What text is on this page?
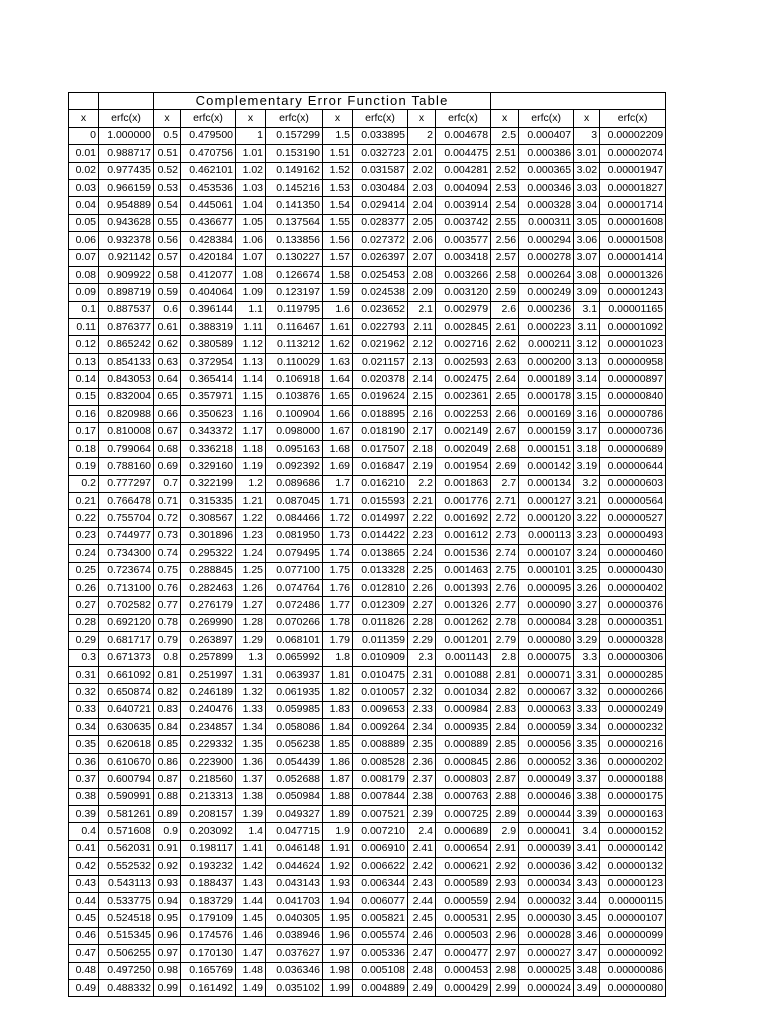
		Complementary Error Function Table											
x	erfc(x)	x	erfc(x)	x	erfc(x)	x	erfc(x)	x	erfc(x)	x	erfc(x)	x	erfc(x)
0	1.000000	0.5	0.479500	1	0.157299	1.5	0.033895	2	0.004678	2.5	0.000407	3	0.00002209
0.01	0.988717	0.51	0.470756	1.01	0.153190	1.51	0.032723	2.01	0.004475	2.51	0.000386	3.01	0.00002074
0.02	0.977435	0.52	0.462101	1.02	0.149162	1.52	0.031587	2.02	0.004281	2.52	0.000365	3.02	0.00001947
0.03	0.966159	0.53	0.453536	1.03	0.145216	1.53	0.030484	2.03	0.004094	2.53	0.000346	3.03	0.00001827
0.04	0.954889	0.54	0.445061	1.04	0.141350	1.54	0.029414	2.04	0.003914	2.54	0.000328	3.04	0.00001714
0.05	0.943628	0.55	0.436677	1.05	0.137564	1.55	0.028377	2.05	0.003742	2.55	0.000311	3.05	0.00001608
0.06	0.932378	0.56	0.428384	1.06	0.133856	1.56	0.027372	2.06	0.003577	2.56	0.000294	3.06	0.00001508
0.07	0.921142	0.57	0.420184	1.07	0.130227	1.57	0.026397	2.07	0.003418	2.57	0.000278	3.07	0.00001414
0.08	0.909922	0.58	0.412077	1.08	0.126674	1.58	0.025453	2.08	0.003266	2.58	0.000264	3.08	0.00001326
0.09	0.898719	0.59	0.404064	1.09	0.123197	1.59	0.024538	2.09	0.003120	2.59	0.000249	3.09	0.00001243
0.1	0.887537	0.6	0.396144	1.1	0.119795	1.6	0.023652	2.1	0.002979	2.6	0.000236	3.1	0.00001165
0.11	0.876377	0.61	0.388319	1.11	0.116467	1.61	0.022793	2.11	0.002845	2.61	0.000223	3.11	0.00001092
0.12	0.865242	0.62	0.380589	1.12	0.113212	1.62	0.021962	2.12	0.002716	2.62	0.000211	3.12	0.00001023
0.13	0.854133	0.63	0.372954	1.13	0.110029	1.63	0.021157	2.13	0.002593	2.63	0.000200	3.13	0.00000958
0.14	0.843053	0.64	0.365414	1.14	0.106918	1.64	0.020378	2.14	0.002475	2.64	0.000189	3.14	0.00000897
0.15	0.832004	0.65	0.357971	1.15	0.103876	1.65	0.019624	2.15	0.002361	2.65	0.000178	3.15	0.00000840
0.16	0.820988	0.66	0.350623	1.16	0.100904	1.66	0.018895	2.16	0.002253	2.66	0.000169	3.16	0.00000786
0.17	0.810008	0.67	0.343372	1.17	0.098000	1.67	0.018190	2.17	0.002149	2.67	0.000159	3.17	0.00000736
0.18	0.799064	0.68	0.336218	1.18	0.095163	1.68	0.017507	2.18	0.002049	2.68	0.000151	3.18	0.00000689
0.19	0.788160	0.69	0.329160	1.19	0.092392	1.69	0.016847	2.19	0.001954	2.69	0.000142	3.19	0.00000644
0.2	0.777297	0.7	0.322199	1.2	0.089686	1.7	0.016210	2.2	0.001863	2.7	0.000134	3.2	0.00000603
0.21	0.766478	0.71	0.315335	1.21	0.087045	1.71	0.015593	2.21	0.001776	2.71	0.000127	3.21	0.00000564
0.22	0.755704	0.72	0.308567	1.22	0.084466	1.72	0.014997	2.22	0.001692	2.72	0.000120	3.22	0.00000527
0.23	0.744977	0.73	0.301896	1.23	0.081950	1.73	0.014422	2.23	0.001612	2.73	0.000113	3.23	0.00000493
0.24	0.734300	0.74	0.295322	1.24	0.079495	1.74	0.013865	2.24	0.001536	2.74	0.000107	3.24	0.00000460
0.25	0.723674	0.75	0.288845	1.25	0.077100	1.75	0.013328	2.25	0.001463	2.75	0.000101	3.25	0.00000430
0.26	0.713100	0.76	0.282463	1.26	0.074764	1.76	0.012810	2.26	0.001393	2.76	0.000095	3.26	0.00000402
0.27	0.702582	0.77	0.276179	1.27	0.072486	1.77	0.012309	2.27	0.001326	2.77	0.000090	3.27	0.00000376
0.28	0.692120	0.78	0.269990	1.28	0.070266	1.78	0.011826	2.28	0.001262	2.78	0.000084	3.28	0.00000351
0.29	0.681717	0.79	0.263897	1.29	0.068101	1.79	0.011359	2.29	0.001201	2.79	0.000080	3.29	0.00000328
0.3	0.671373	0.8	0.257899	1.3	0.065992	1.8	0.010909	2.3	0.001143	2.8	0.000075	3.3	0.00000306
0.31	0.661092	0.81	0.251997	1.31	0.063937	1.81	0.010475	2.31	0.001088	2.81	0.000071	3.31	0.00000285
0.32	0.650874	0.82	0.246189	1.32	0.061935	1.82	0.010057	2.32	0.001034	2.82	0.000067	3.32	0.00000266
0.33	0.640721	0.83	0.240476	1.33	0.059985	1.83	0.009653	2.33	0.000984	2.83	0.000063	3.33	0.00000249
0.34	0.630635	0.84	0.234857	1.34	0.058086	1.84	0.009264	2.34	0.000935	2.84	0.000059	3.34	0.00000232
0.35	0.620618	0.85	0.229332	1.35	0.056238	1.85	0.008889	2.35	0.000889	2.85	0.000056	3.35	0.00000216
0.36	0.610670	0.86	0.223900	1.36	0.054439	1.86	0.008528	2.36	0.000845	2.86	0.000052	3.36	0.00000202
0.37	0.600794	0.87	0.218560	1.37	0.052688	1.87	0.008179	2.37	0.000803	2.87	0.000049	3.37	0.00000188
0.38	0.590991	0.88	0.213313	1.38	0.050984	1.88	0.007844	2.38	0.000763	2.88	0.000046	3.38	0.00000175
0.39	0.581261	0.89	0.208157	1.39	0.049327	1.89	0.007521	2.39	0.000725	2.89	0.000044	3.39	0.00000163
0.4	0.571608	0.9	0.203092	1.4	0.047715	1.9	0.007210	2.4	0.000689	2.9	0.000041	3.4	0.00000152
0.41	0.562031	0.91	0.198117	1.41	0.046148	1.91	0.006910	2.41	0.000654	2.91	0.000039	3.41	0.00000142
0.42	0.552532	0.92	0.193232	1.42	0.044624	1.92	0.006622	2.42	0.000621	2.92	0.000036	3.42	0.00000132
0.43	0.543113	0.93	0.188437	1.43	0.043143	1.93	0.006344	2.43	0.000589	2.93	0.000034	3.43	0.00000123
0.44	0.533775	0.94	0.183729	1.44	0.041703	1.94	0.006077	2.44	0.000559	2.94	0.000032	3.44	0.00000115
0.45	0.524518	0.95	0.179109	1.45	0.040305	1.95	0.005821	2.45	0.000531	2.95	0.000030	3.45	0.00000107
0.46	0.515345	0.96	0.174576	1.46	0.038946	1.96	0.005574	2.46	0.000503	2.96	0.000028	3.46	0.00000099
0.47	0.506255	0.97	0.170130	1.47	0.037627	1.97	0.005336	2.47	0.000477	2.97	0.000027	3.47	0.00000092
0.48	0.497250	0.98	0.165769	1.48	0.036346	1.98	0.005108	2.48	0.000453	2.98	0.000025	3.48	0.00000086
0.49	0.488332	0.99	0.161492	1.49	0.035102	1.99	0.004889	2.49	0.000429	2.99	0.000024	3.49	0.00000080
